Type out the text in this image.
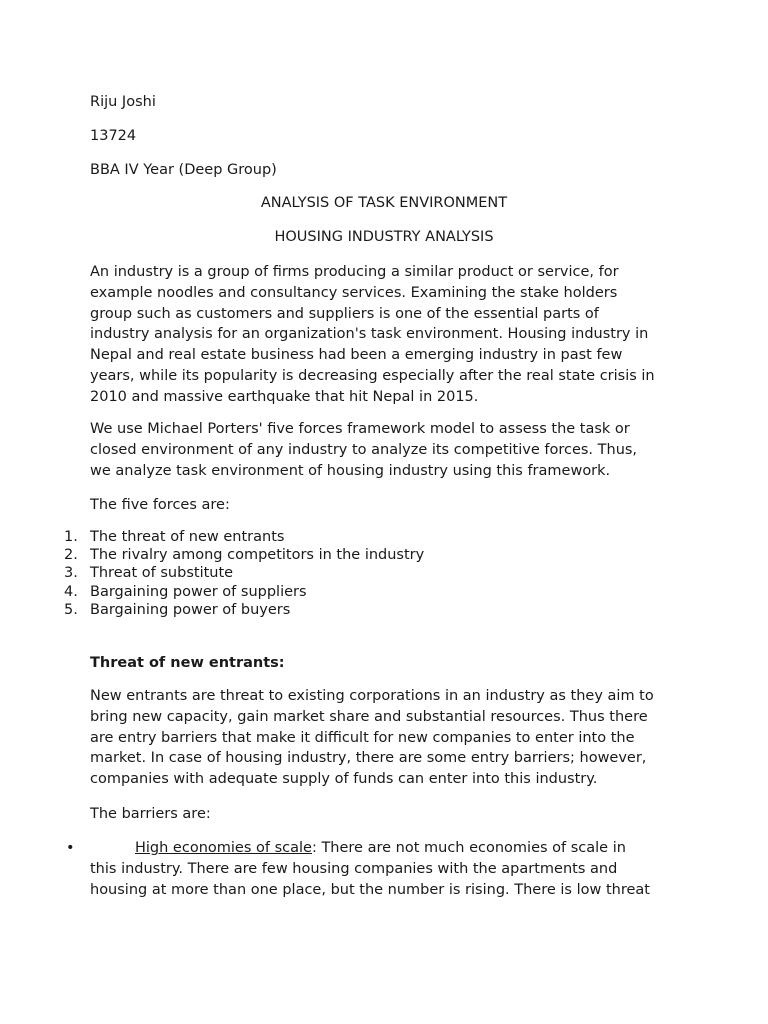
Riju Joshi

13724

BBA IV Year (Deep Group)

ANALYSIS OF TASK ENVIRONMENT

HOUSING INDUSTRY ANALYSIS

An industry is a group of firms producing a similar product or service, for
example noodles and consultancy services. Examining the stake holders
group such as customers and suppliers is one of the essential parts of
industry analysis for an organization's task environment. Housing industry in
Nepal and real estate business had been a emerging industry in past few
years, while its popularity is decreasing especially after the real state crisis in
2010 and massive earthquake that hit Nepal in 2015.
We use Michael Porters' five forces framework model to assess the task or
closed environment of any industry to analyze its competitive forces. Thus,
we analyze task environment of housing industry using this framework.

The five forces are:

1. The threat of new entrants
2. The rivalry among competitors in the industry
3. Threat of substitute
4. Bargaining power of suppliers
5. Bargaining power of buyers

Threat of new entrants:

New entrants are threat to existing corporations in an industry as they aim to
bring new capacity, gain market share and substantial resources. Thus there
are entry barriers that make it difficult for new companies to enter into the
market. In case of housing industry, there are some entry barriers; however,
companies with adequate supply of funds can enter into this industry.

The barriers are:

•	High economies of scale: There are not much economies of scale in
this industry. There are few housing companies with the apartments and
housing at more than one place, but the number is rising. There is low threat
